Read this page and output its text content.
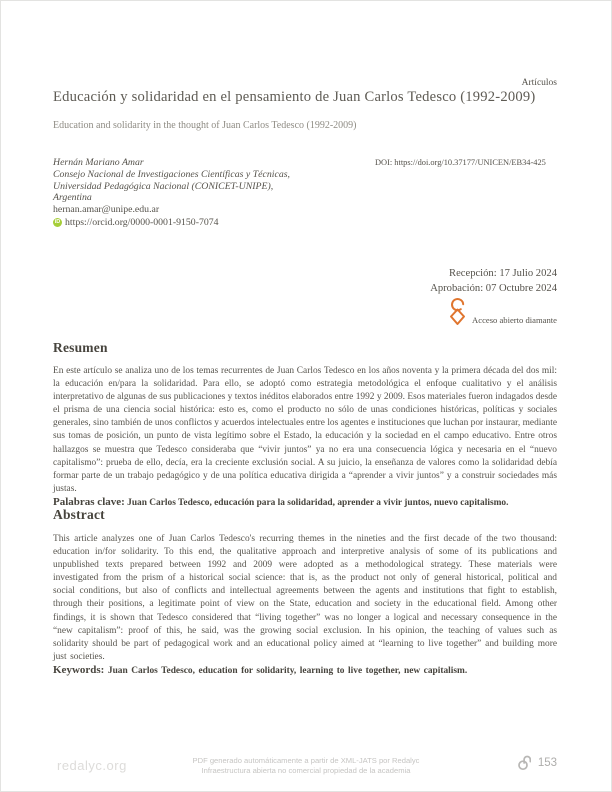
Artículos
Educación y solidaridad en el pensamiento de Juan Carlos Tedesco (1992-2009)
Education and solidarity in the thought of Juan Carlos Tedesco (1992-2009)
Hernán Mariano Amar
Consejo Nacional de Investigaciones Científicas y Técnicas,
Universidad Pedagógica Nacional (CONICET-UNIPE),
Argentina
hernan.amar@unipe.edu.ar
iD https://orcid.org/0000-0001-9150-7074
DOI: https://doi.org/10.37177/UNICEN/EB34-425
Recepción: 17 Julio 2024
Aprobación: 07 Octubre 2024
Acceso abierto diamante
Resumen

En este artículo se analiza uno de los temas recurrentes de Juan Carlos Tedesco en los años noventa y la primera década del dos mil: la educación en/para la solidaridad. Para ello, se adoptó como estrategia metodológica el enfoque cualitativo y el análisis interpretativo de algunas de sus publicaciones y textos inéditos elaborados entre 1992 y 2009. Esos materiales fueron indagados desde el prisma de una ciencia social histórica: esto es, como el producto no sólo de unas condiciones históricas, políticas y sociales generales, sino también de unos conflictos y acuerdos intelectuales entre los agentes e instituciones que luchan por instaurar, mediante sus tomas de posición, un punto de vista legítimo sobre el Estado, la educación y la sociedad en el campo educativo. Entre otros hallazgos se muestra que Tedesco consideraba que “vivir juntos” ya no era una consecuencia lógica y necesaria en el “nuevo capitalismo”: prueba de ello, decía, era la creciente exclusión social. A su juicio, la enseñanza de valores como la solidaridad debía formar parte de un trabajo pedagógico y de una política educativa dirigida a “aprender a vivir juntos” y a construir sociedades más justas.

Palabras clave: Juan Carlos Tedesco, educación para la solidaridad, aprender a vivir juntos, nuevo capitalismo.

Abstract

This article analyzes one of Juan Carlos Tedesco's recurring themes in the nineties and the first decade of the two thousand: education in/for solidarity. To this end, the qualitative approach and interpretive analysis of some of its publications and unpublished texts prepared between 1992 and 2009 were adopted as a methodological strategy. These materials were investigated from the prism of a historical social science: that is, as the product not only of general historical, political and social conditions, but also of conflicts and intellectual agreements between the agents and institutions that fight to establish, through their positions, a legitimate point of view on the State, education and society in the educational field. Among other findings, it is shown that Tedesco considered that “living together” was no longer a logical and necessary consequence in the “new capitalism”: proof of this, he said, was the growing social exclusion. In his opinion, the teaching of values such as solidarity should be part of pedagogical work and an educational policy aimed at “learning to live together” and building more just societies.

Keywords: Juan Carlos Tedesco, education for solidarity, learning to live together, new capitalism.

redalyc.org	PDF generado automáticamente a partir de XML-JATS por Redalyc
Infraestructura abierta no comercial propiedad de la academia
153
